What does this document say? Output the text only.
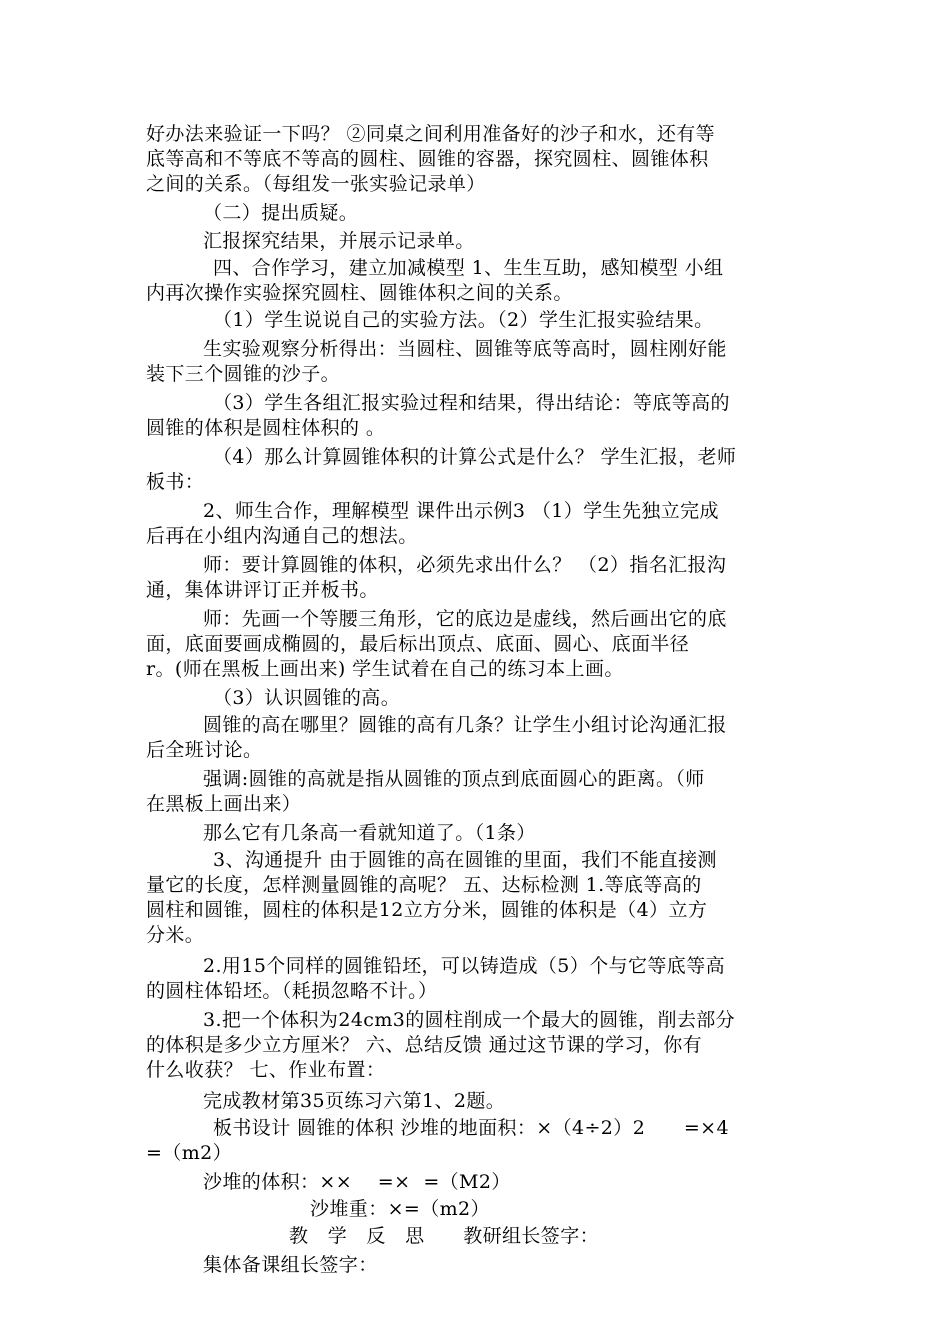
好办法来验证一下吗？ ②同桌之间利用准备好的沙子和水，还有等
底等高和不等底不等高的圆柱、圆锥的容器，探究圆柱、圆锥体积
之间的关系。（每组发一张实验记录单）
（二）提出质疑。
汇报探究结果，并展示记录单。
四、合作学习，建立加减模型 1、生生互助，感知模型 小组
内再次操作实验探究圆柱、圆锥体积之间的关系。
（1）学生说说自己的实验方法。（2）学生汇报实验结果。
生实验观察分析得出：当圆柱、圆锥等底等高时，圆柱刚好能
装下三个圆锥的沙子。
（3）学生各组汇报实验过程和结果，得出结论：等底等高的
圆锥的体积是圆柱体积的 。
（4）那么计算圆锥体积的计算公式是什么？ 学生汇报，老师
板书：
2、师生合作，理解模型 课件出示例3 （1）学生先独立完成
后再在小组内沟通自己的想法。
师：要计算圆锥的体积，必须先求出什么？ （2）指名汇报沟
通，集体讲评订正并板书。
师：先画一个等腰三角形，它的底边是虚线，然后画出它的底
面，底面要画成椭圆的，最后标出顶点、底面、圆心、底面半径
r。(师在黑板上画出来) 学生试着在自己的练习本上画。
（3）认识圆锥的高。
圆锥的高在哪里？圆锥的高有几条？让学生小组讨论沟通汇报
后全班讨论。
强调:圆锥的高就是指从圆锥的顶点到底面圆心的距离。（师
在黑板上画出来）
那么它有几条高一看就知道了。（1条）
3、沟通提升 由于圆锥的高在圆锥的里面，我们不能直接测
量它的长度，怎样测量圆锥的高呢？ 五、达标检测 1.等底等高的
圆柱和圆锥，圆柱的体积是12立方分米，圆锥的体积是（4）立方
分米。
2.用15个同样的圆锥铅坯，可以铸造成（5）个与它等底等高
的圆柱体铅坯。（耗损忽略不计。）
3.把一个体积为24cm3的圆柱削成一个最大的圆锥，削去部分
的体积是多少立方厘米？ 六、总结反馈 通过这节课的学习，你有
什么收获？ 七、作业布置：
完成教材第35页练习六第1、2题。
板书设计 圆锥的体积 沙堆的地面积：×（4÷2）2      =×4
=（m2）
沙堆的体积：××    =×  =（M2）
沙堆重：×=（m2）
教   学   反   思      教研组长签字：
集体备课组长签字：
